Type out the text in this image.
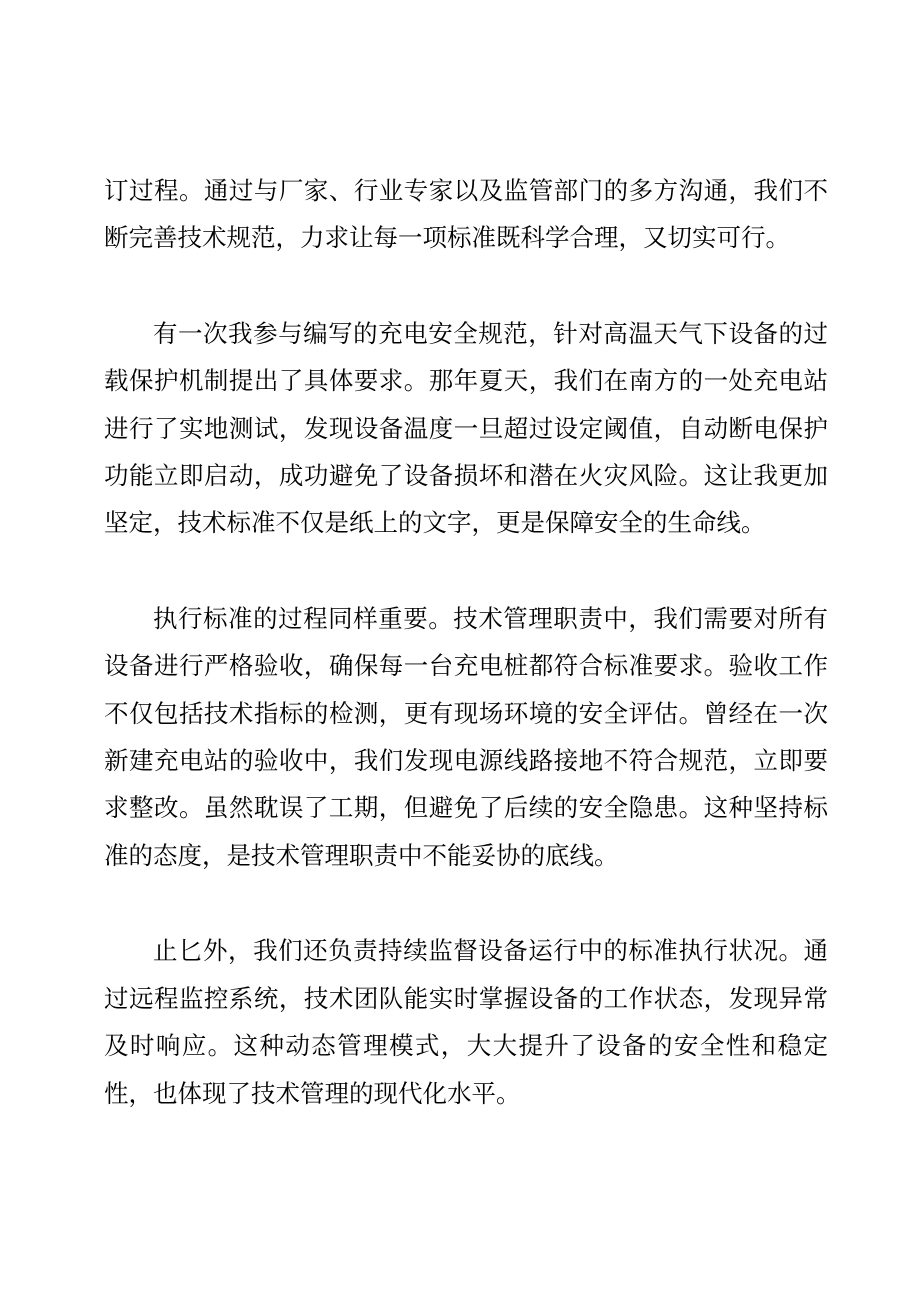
订过程。通过与厂家、行业专家以及监管部门的多方沟通，我们不断完善技术规范，力求让每一项标准既科学合理，又切实可行。

有一次我参与编写的充电安全规范，针对高温天气下设备的过载保护机制提出了具体要求。那年夏天，我们在南方的一处充电站进行了实地测试，发现设备温度一旦超过设定阈值，自动断电保护功能立即启动，成功避免了设备损坏和潜在火灾风险。这让我更加坚定，技术标准不仅是纸上的文字，更是保障安全的生命线。

执行标准的过程同样重要。技术管理职责中，我们需要对所有设备进行严格验收，确保每一台充电桩都符合标准要求。验收工作不仅包括技术指标的检测，更有现场环境的安全评估。曾经在一次新建充电站的验收中，我们发现电源线路接地不符合规范，立即要求整改。虽然耽误了工期，但避免了后续的安全隐患。这种坚持标准的态度，是技术管理职责中不能妥协的底线。

止匕外，我们还负责持续监督设备运行中的标准执行状况。通过远程监控系统，技术团队能实时掌握设备的工作状态，发现异常及时响应。这种动态管理模式，大大提升了设备的安全性和稳定性，也体现了技术管理的现代化水平。
